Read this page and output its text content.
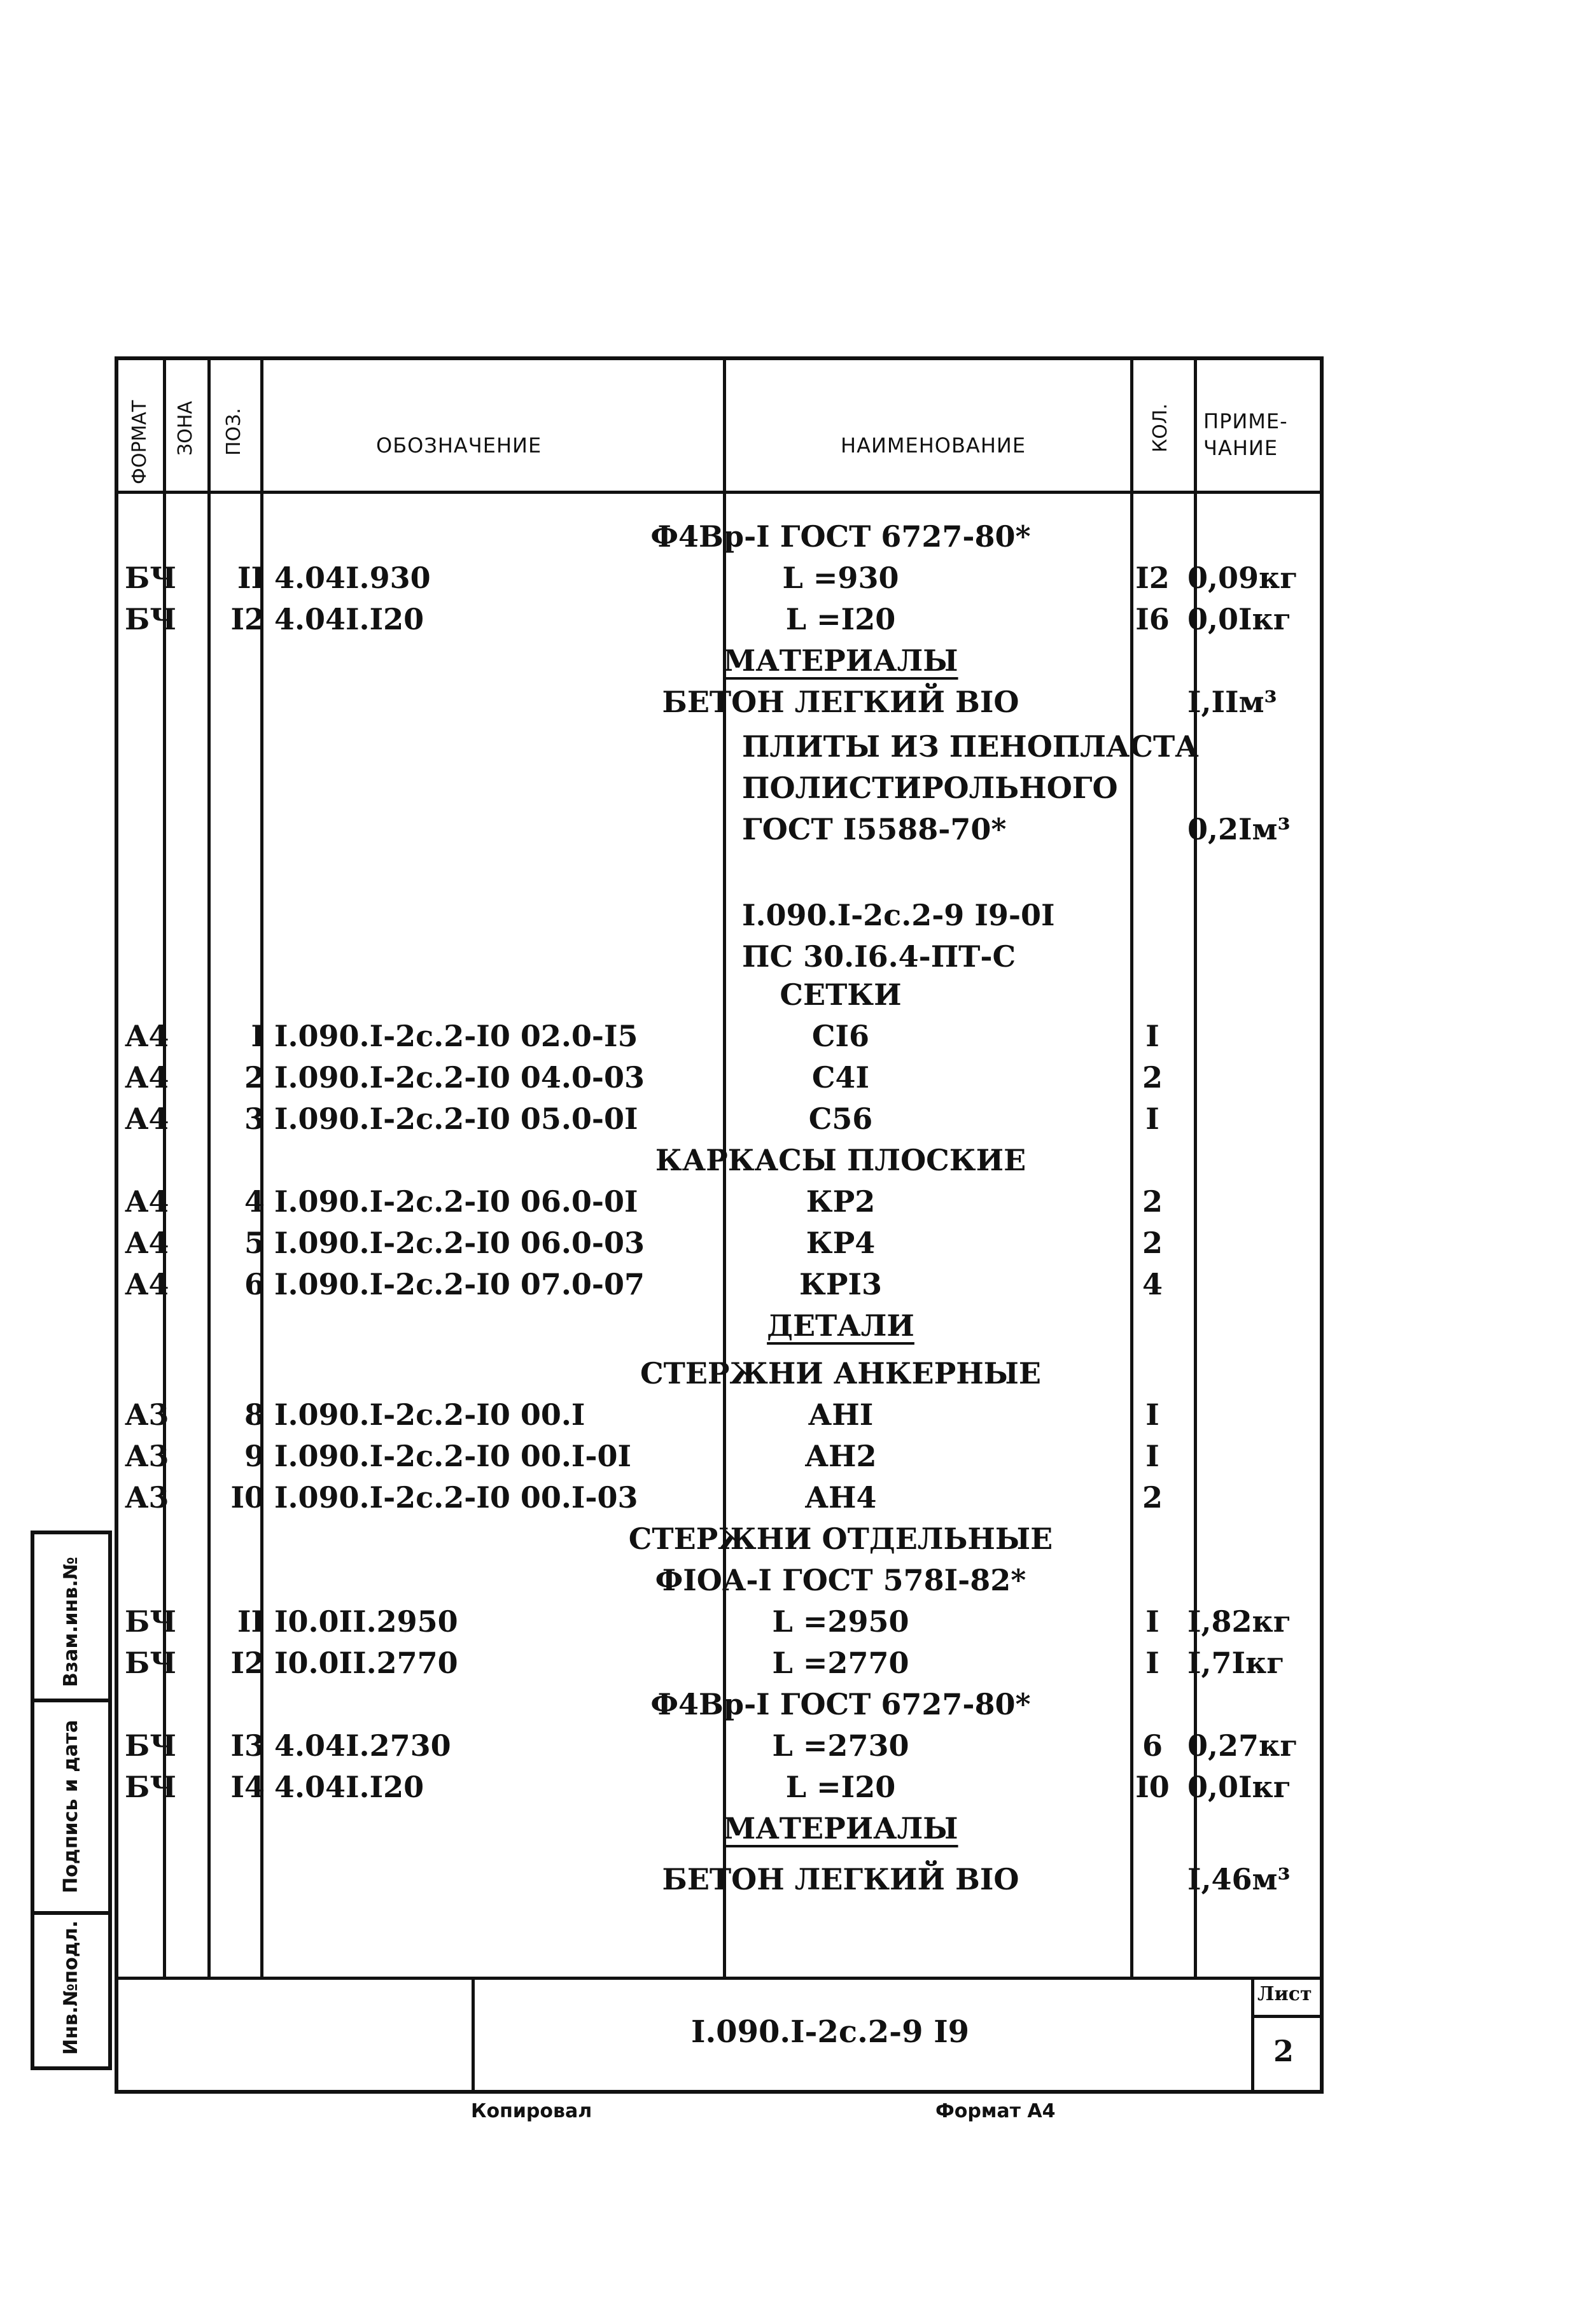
Взам.инв.№
Подпись и дата
Инв.№подл.
ФОРМАТ ЗОНА ПОЗ.	ОБОЗНАЧЕНИЕ	НАИМЕНОВАНИЕ	КОЛ. ПРИМЕ-
ЧАНИЕ
Ф4Вр-I ГОСТ 6727-80*
БЧ	II 4.04I.930	L =930	I2 0,09кг
БЧ	I2 4.04I.I20	L =I20	I6 0,0Iкг
МАТЕРИАЛЫ
БЕТОН ЛЕГКИЙ ВIО	I,IIм³
ПЛИТЫ ИЗ ПЕНОПЛАСТА
ПОЛИСТИРОЛЬНОГО
ГОСТ I5588-70*	0,2Iм³
I.090.I-2с.2-9 I9-0I
ПС 30.I6.4-ПТ-С
СЕТКИ
А4	I I.090.I-2с.2-I0 02.0-I5	СI6	I
А4	2 I.090.I-2с.2-I0 04.0-03	С4I	2
А4	3 I.090.I-2с.2-I0 05.0-0I	С56	I
КАРКАСЫ ПЛОСКИЕ
А4	4 I.090.I-2с.2-I0 06.0-0I	КР2	2
А4	5 I.090.I-2с.2-I0 06.0-03	КР4	2
А4	6 I.090.I-2с.2-I0 07.0-07	КРI3	4
ДЕТАЛИ
СТЕРЖНИ АНКЕРНЫЕ
А3	8 I.090.I-2с.2-I0 00.I	АНI	I
А3	9 I.090.I-2с.2-I0 00.I-0I	АН2	I
А3	I0 I.090.I-2с.2-I0 00.I-03	АН4	2
СТЕРЖНИ ОТДЕЛЬНЫЕ
ФIОА-I ГОСТ 578I-82*
БЧ	II I0.0II.2950	L =2950	I I,82кг
БЧ	I2 I0.0II.2770	L =2770	I I,7Iкг
Ф4Вр-I ГОСТ 6727-80*
БЧ	I3 4.04I.2730	L =2730	6 0,27кг
БЧ	I4 4.04I.I20	L =I20	I0 0,0Iкг
МАТЕРИАЛЫ
БЕТОН ЛЕГКИЙ ВIО	I,46м³
I.090.I-2с.2-9 I9
Лист
2
Копировал	Формат А4
